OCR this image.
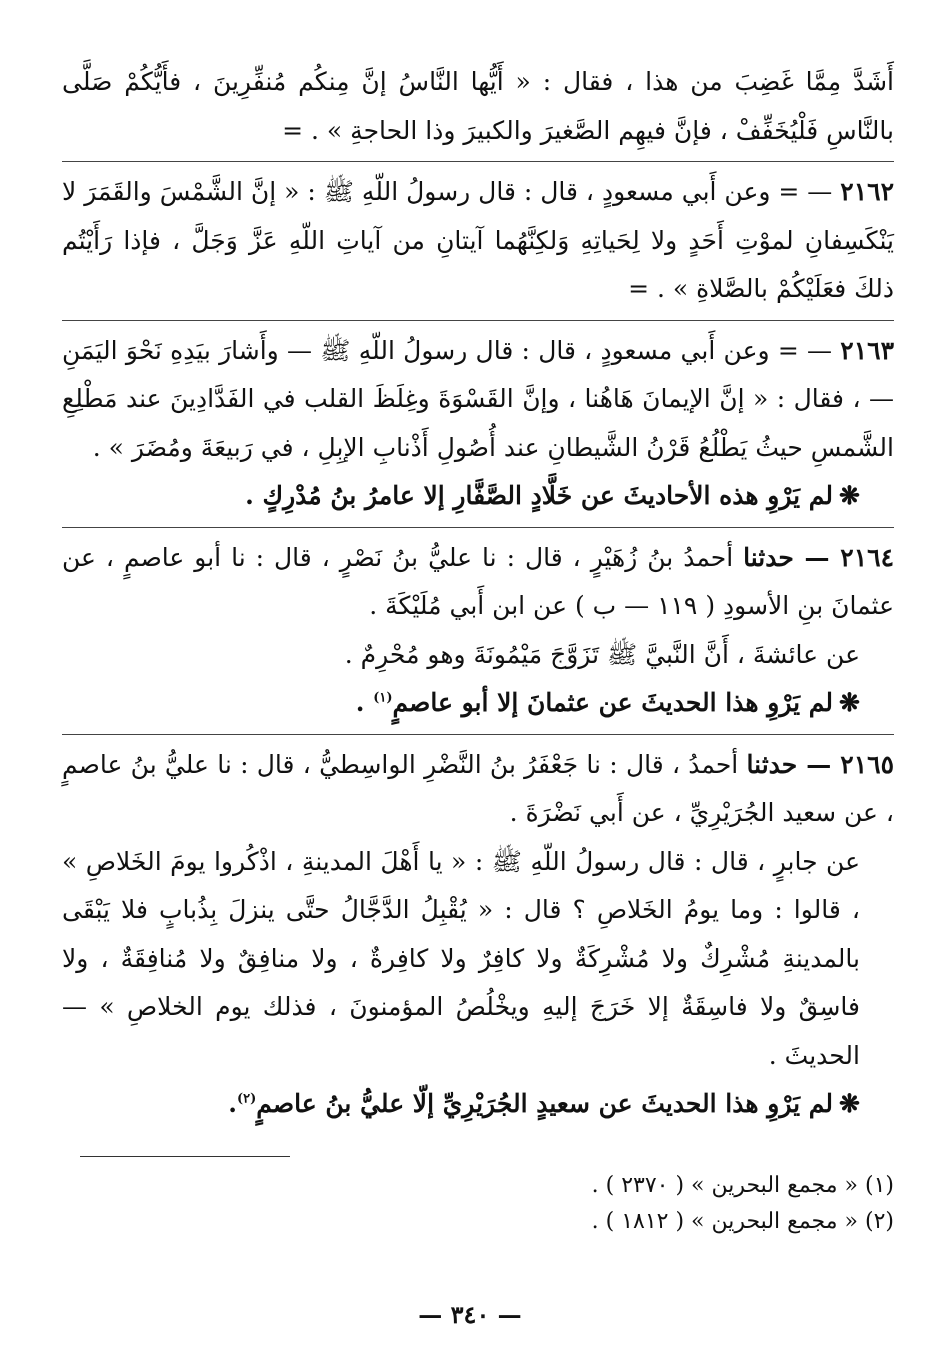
أَشَدَّ مِمَّا غَضِبَ من هذا ، فقال : « أَيُّها النَّاسُ إنَّ مِنكُم مُنفِّرِينَ ، فأَيُّكُمْ صَلَّى بالنَّاسِ فَلْيُخَفِّفْ ، فإنَّ فيهِم الصَّغيرَ والكبيرَ وذا الحاجةِ » . =

٢١٦٢ — = وعن أَبي مسعودٍ ، قال : قال رسولُ اللّهِ ﷺ : « إنَّ الشَّمْسَ والقَمَرَ لا يَنْكَسِفانِ لموْتِ أَحَدٍ ولا لِحَياتِهِ وَلكِنَّهُما آيتانِ من آياتِ اللّهِ عَزَّ وَجَلَّ ، فإذا رَأَيْتُم ذلكَ فعَلَيْكُمْ بالصَّلاةِ » . =

٢١٦٣ — = وعن أَبي مسعودٍ ، قال : قال رسولُ اللّهِ ﷺ — وأَشارَ بيَدِهِ نَحْوَ اليَمَنِ — ، فقال : « إنَّ الإيمانَ هَاهُنا ، وإنَّ القَسْوَةَ وغِلَظَ القلب في الفَدَّادِينَ عند مَطْلِعِ الشَّمسِ حيثُ يَطْلُعُ قَرْنُ الشَّيطانِ عند أُصُولِ أَذْنابِ الإبِلِ ، في رَبيعَةَ ومُضَرَ » .

❋لم يَرْوِ هذه الأحاديثَ عن خَلَّادٍ الصَّفَّارِ إلا عامرُ بنُ مُدْرِكٍ .

٢١٦٤ — حدثنا أحمدُ بنُ زُهَيْرٍ ، قال : نا عليُّ بنُ نَصْرٍ ، قال : نا أبو عاصمٍ ، عن عثمانَ بنِ الأسودِ ( ١١٩ — ب ) عن ابن أَبي مُلَيْكَةَ .

عن عائشةَ ، أَنَّ النَّبيَّ ﷺ تَزَوَّجَ مَيْمُونَةَ وهو مُحْرِمٌ .

❋لم يَرْوِ هذا الحديثَ عن عثمانَ إلا أبو عاصمٍ$^{(١)}$ .

٢١٦٥ — حدثنا أحمدُ ، قال : نا جَعْفَرُ بنُ النَّضْرِ الواسِطيُّ ، قال : نا عليُّ بنُ عاصمٍ ، عن سعيد الجُرَيْرِيِّ ، عن أَبي نَضْرَةَ .

عن جابرٍ ، قال : قال رسولُ اللّهِ ﷺ : « يا أَهْلَ المدينةِ ، اذْكُروا يومَ الخَلاصِ » ، قالوا : وما يومُ الخَلاصِ ؟ قال : « يُقْبِلُ الدَّجَّالُ حتَّى ينزلَ بِذُبابٍ فلا يَبْقَى بالمدينةِ مُشْرِكٌ ولا مُشْرِكَةٌ ولا كافِرٌ ولا كافِرةٌ ، ولا منافِقٌ ولا مُنافِقَةٌ ، ولا فاسِقٌ ولا فاسِقَةٌ إلا خَرَجَ إليهِ ويخْلُصُ المؤمنونَ ، فذلك يوم الخلاصِ » — الحديثَ .

❋لم يَرْوِ هذا الحديثَ عن سعيدٍ الجُرَيْرِيِّ إلّا عليُّ بنُ عاصمٍ$^{(٢)}$.

(١) « مجمع البحرين » ( ٢٣٧٠ ) .
(٢) « مجمع البحرين » ( ١٨١٢ ) .
— ٣٤٠ —
